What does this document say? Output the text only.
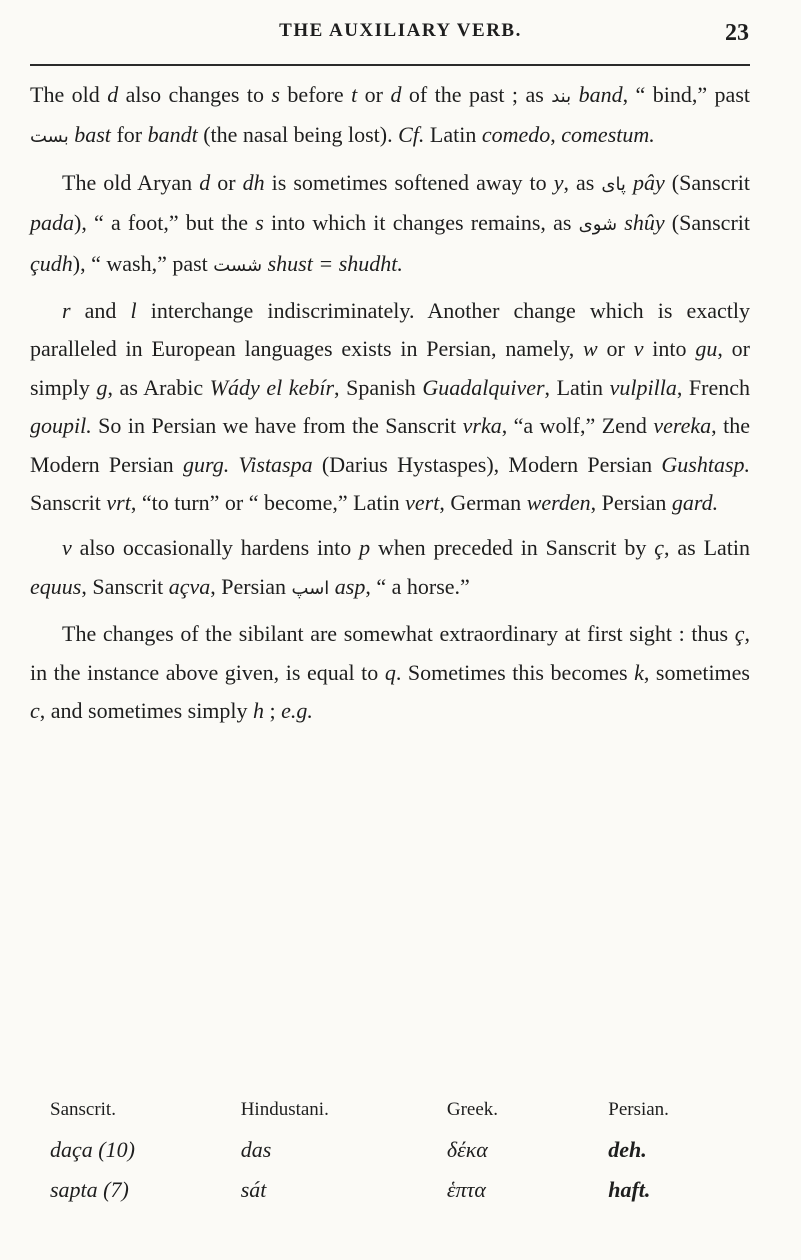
THE AUXILIARY VERB.	23

The old d also changes to s before t or d of the past ; as بند band, “ bind,” past بست bast for bandt (the nasal being lost). Cf. Latin comedo, comestum.

The old Aryan d or dh is sometimes softened away to y, as پای pây (Sanscrit pada), “ a foot,” but the s into which it changes remains, as شوی shûy (Sanscrit çudh), “ wash,” past شست shust = shudht.

r and l interchange indiscriminately. Another change which is exactly paralleled in European languages exists in Persian, namely, w or v into gu, or simply g, as Arabic Wády el kebír, Spanish Guadalquiver, Latin vulpilla, French goupil. So in Persian we have from the Sanscrit vrka, “a wolf,” Zend vereka, the Modern Persian gurg. Vistaspa (Darius Hystaspes), Modern Persian Gushtasp. Sanscrit vrt, “to turn” or “ become,” Latin vert, German werden, Persian gard.

v also occasionally hardens into p when preceded in Sanscrit by ç, as Latin equus, Sanscrit açva, Persian اسپ asp, “ a horse.”

The changes of the sibilant are somewhat extraordinary at first sight : thus ç, in the instance above given, is equal to q. Sometimes this becomes k, sometimes c, and sometimes simply h ; e.g.

Sanscrit.	Hindustani.	Greek.	Persian.
daça (10)	das	δέκα	deh.
sapta (7)	sát	ἑπτα	haft.
